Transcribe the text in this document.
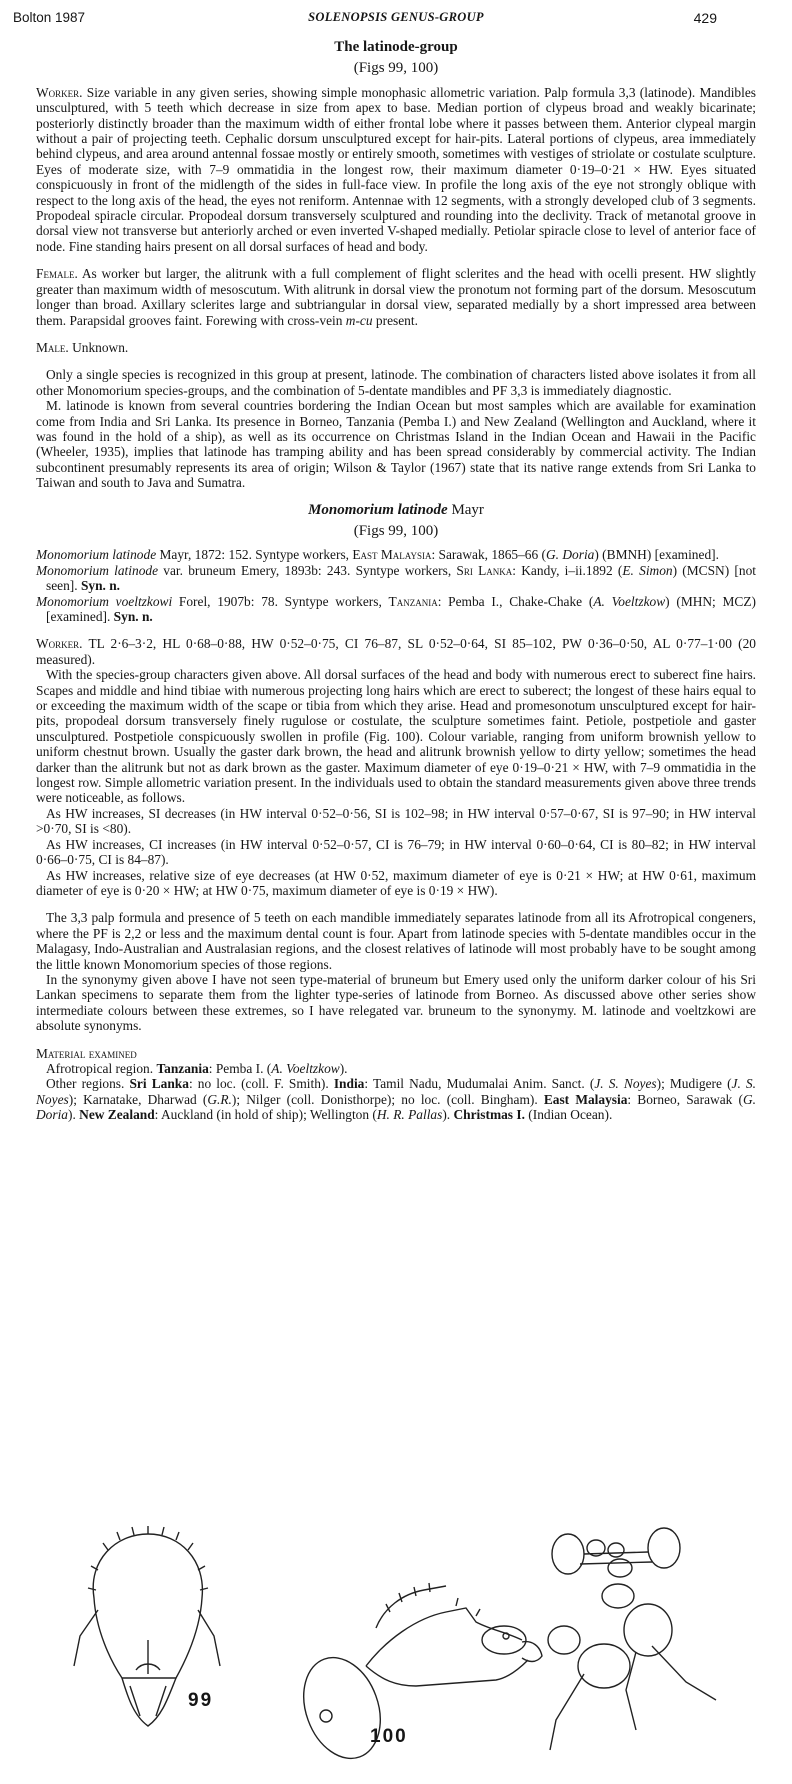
Bolton 1987	SOLENOPSIS GENUS-GROUP	429

The latinode-group

(Figs 99, 100)

Worker. Size variable in any given series, showing simple monophasic allometric variation. Palp formula 3,3 (latinode). Mandibles unsculptured, with 5 teeth which decrease in size from apex to base. Median portion of clypeus broad and weakly bicarinate; posteriorly distinctly broader than the maximum width of either frontal lobe where it passes between them. Anterior clypeal margin without a pair of projecting teeth. Cephalic dorsum unsculptured except for hair-pits. Lateral portions of clypeus, area immediately behind clypeus, and area around antennal fossae mostly or entirely smooth, sometimes with vestiges of striolate or costulate sculpture. Eyes of moderate size, with 7–9 ommatidia in the longest row, their maximum diameter 0·19–0·21 × HW. Eyes situated conspicuously in front of the midlength of the sides in full-face view. In profile the long axis of the eye not strongly oblique with respect to the long axis of the head, the eyes not reniform. Antennae with 12 segments, with a strongly developed club of 3 segments. Propodeal spiracle circular. Propodeal dorsum transversely sculptured and rounding into the declivity. Track of metanotal groove in dorsal view not transverse but anteriorly arched or even inverted V-shaped medially. Petiolar spiracle close to level of anterior face of node. Fine standing hairs present on all dorsal surfaces of head and body.

Female. As worker but larger, the alitrunk with a full complement of flight sclerites and the head with ocelli present. HW slightly greater than maximum width of mesoscutum. With alitrunk in dorsal view the pronotum not forming part of the dorsum. Mesoscutum longer than broad. Axillary sclerites large and subtriangular in dorsal view, separated medially by a short impressed area between them. Parapsidal grooves faint. Forewing with cross-vein m-cu present.

Male. Unknown.

Only a single species is recognized in this group at present, latinode. The combination of characters listed above isolates it from all other Monomorium species-groups, and the combination of 5-dentate mandibles and PF 3,3 is immediately diagnostic.

M. latinode is known from several countries bordering the Indian Ocean but most samples which are available for examination come from India and Sri Lanka. Its presence in Borneo, Tanzania (Pemba I.) and New Zealand (Wellington and Auckland, where it was found in the hold of a ship), as well as its occurrence on Christmas Island in the Indian Ocean and Hawaii in the Pacific (Wheeler, 1935), implies that latinode has tramping ability and has been spread considerably by commercial activity. The Indian subcontinent presumably represents its area of origin; Wilson & Taylor (1967) state that its native range extends from Sri Lanka to Taiwan and south to Java and Sumatra.

Monomorium latinode Mayr

(Figs 99, 100)

Monomorium latinode Mayr, 1872: 152. Syntype workers, East Malaysia: Sarawak, 1865–66 (G. Doria) (BMNH) [examined].

Monomorium latinode var. bruneum Emery, 1893b: 243. Syntype workers, Sri Lanka: Kandy, i–ii.1892 (E. Simon) (MCSN) [not seen]. Syn. n.

Monomorium voeltzkowi Forel, 1907b: 78. Syntype workers, Tanzania: Pemba I., Chake-Chake (A. Voeltzkow) (MHN; MCZ) [examined]. Syn. n.

Worker. TL 2·6–3·2, HL 0·68–0·88, HW 0·52–0·75, CI 76–87, SL 0·52–0·64, SI 85–102, PW 0·36–0·50, AL 0·77–1·00 (20 measured).

With the species-group characters given above. All dorsal surfaces of the head and body with numerous erect to suberect fine hairs. Scapes and middle and hind tibiae with numerous projecting long hairs which are erect to suberect; the longest of these hairs equal to or exceeding the maximum width of the scape or tibia from which they arise. Head and promesonotum unsculptured except for hair-pits, propodeal dorsum transversely finely rugulose or costulate, the sculpture sometimes faint. Petiole, postpetiole and gaster unsculptured. Postpetiole conspicuously swollen in profile (Fig. 100). Colour variable, ranging from uniform brownish yellow to uniform chestnut brown. Usually the gaster dark brown, the head and alitrunk brownish yellow to dirty yellow; sometimes the head darker than the alitrunk but not as dark brown as the gaster. Maximum diameter of eye 0·19–0·21 × HW, with 7–9 ommatidia in the longest row. Simple allometric variation present. In the individuals used to obtain the standard measurements given above three trends were noticeable, as follows.

As HW increases, SI decreases (in HW interval 0·52–0·56, SI is 102–98; in HW interval 0·57–0·67, SI is 97–90; in HW interval >0·70, SI is <80).

As HW increases, CI increases (in HW interval 0·52–0·57, CI is 76–79; in HW interval 0·60–0·64, CI is 80–82; in HW interval 0·66–0·75, CI is 84–87).

As HW increases, relative size of eye decreases (at HW 0·52, maximum diameter of eye is 0·21 × HW; at HW 0·61, maximum diameter of eye is 0·20 × HW; at HW 0·75, maximum diameter of eye is 0·19 × HW).

The 3,3 palp formula and presence of 5 teeth on each mandible immediately separates latinode from all its Afrotropical congeners, where the PF is 2,2 or less and the maximum dental count is four. Apart from latinode species with 5-dentate mandibles occur in the Malagasy, Indo-Australian and Australasian regions, and the closest relatives of latinode will most probably have to be sought among the little known Monomorium species of those regions.

In the synonymy given above I have not seen type-material of bruneum but Emery used only the uniform darker colour of his Sri Lankan specimens to separate them from the lighter type-series of latinode from Borneo. As discussed above other series show intermediate colours between these extremes, so I have relegated var. bruneum to the synonymy. M. latinode and voeltzkowi are absolute synonyms.

Material examined

Afrotropical region. Tanzania: Pemba I. (A. Voeltzkow).

Other regions. Sri Lanka: no loc. (coll. F. Smith). India: Tamil Nadu, Mudumalai Anim. Sanct. (J. S. Noyes); Mudigere (J. S. Noyes); Karnatake, Dharwad (G.R.); Nilger (coll. Donisthorpe); no loc. (coll. Bingham). East Malaysia: Borneo, Sarawak (G. Doria). New Zealand: Auckland (in hold of ship); Wellington (H. R. Pallas). Christmas I. (Indian Ocean).

99
100
